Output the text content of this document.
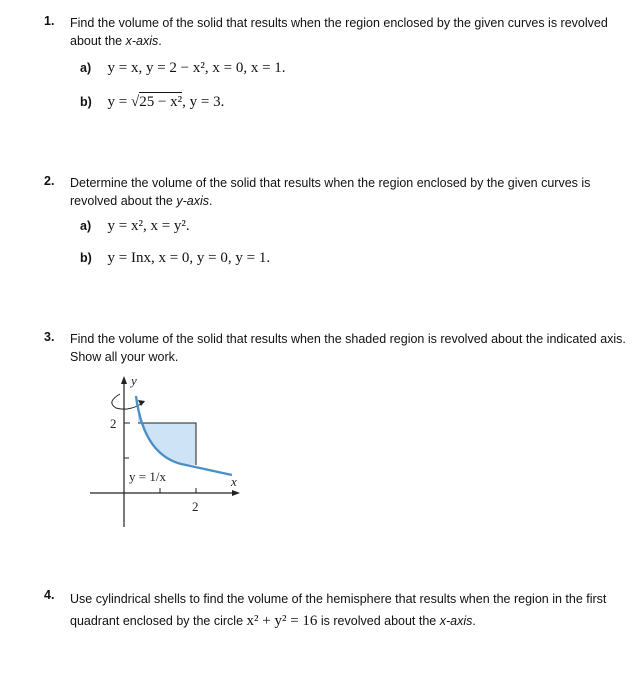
1. Find the volume of the solid that results when the region enclosed by the given curves is revolved about the x-axis.
a) y = x, y = 2 − x², x = 0, x = 1.
b) y = √25 − x², y = 3.
2. Determine the volume of the solid that results when the region enclosed by the given curves is revolved about the y-axis.
a) y = x², x = y².
b) y = Inx, x = 0, y = 0, y = 1.
3. Find the volume of the solid that results when the shaded region is revolved about the indicated axis. Show all your work.
y
x
2
2
y = 1/x
4. Use cylindrical shells to find the volume of the hemisphere that results when the region in the first quadrant enclosed by the circle x² + y² = 16 is revolved about the x-axis.
